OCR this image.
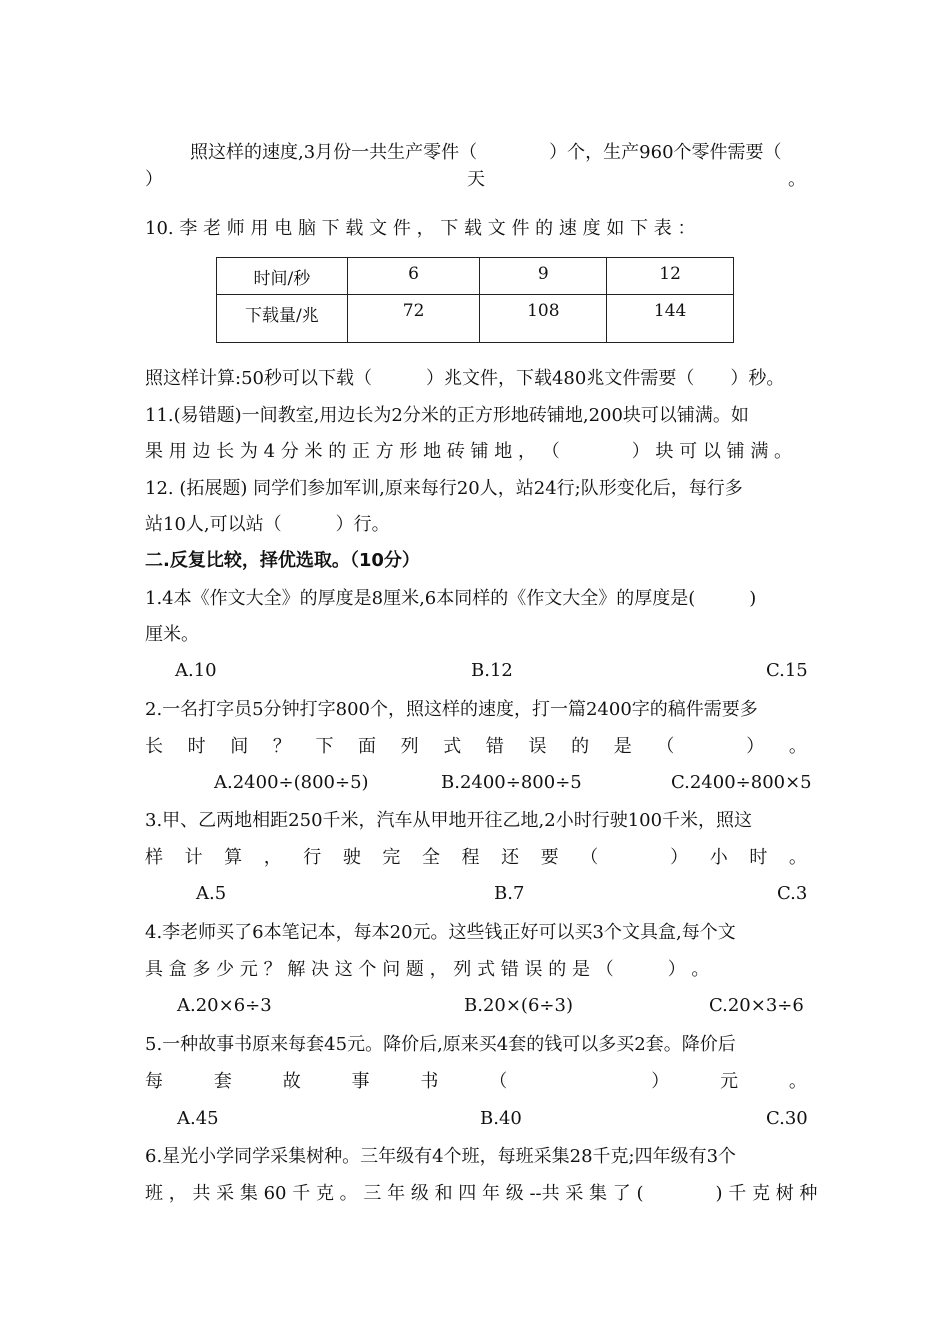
照这样的速度,3月份一共生产零件（　　　　）个，生产960个零件需要（
）	天	。
10. 李 老 师 用 电 脑 下 载 文 件 ， 下 载 文 件 的 速 度 如 下 表 ：
时间/秒	6	9	12
下载量/兆	72	108	144
照这样计算:50秒可以下载（　　　）兆文件，下载480兆文件需要（　　）秒。
11.(易错题)一间教室,用边长为2分米的正方形地砖铺地,200块可以铺满。如
果 用 边 长 为 4 分 米 的 正 方 形 地 砖 铺 地 ， （　　　　） 块 可 以 铺 满 。
12. (拓展题) 同学们参加军训,原来每行20人，站24行;队形变化后，每行多
站10人,可以站（　　　）行。
二.反复比较，择优选取。（10分）
1.4本《作文大全》的厚度是8厘米,6本同样的《作文大全》的厚度是(　　　)
厘米。
A.10	B.12	C.15
2.一名打字员5分钟打字800个，照这样的速度，打一篇2400字的稿件需要多
长 时 间 ？ 下 面 列 式 错 误 的 是 （　　　　） 。
A.2400÷(800÷5)	B.2400÷800÷5	C.2400÷800×5
3.甲、乙两地相距250千米，汽车从甲地开往乙地,2小时行驶100千米，照这
样 计 算 ， 行 驶 完 全 程 还 要 （　　　　） 小 时 。
A.5	B.7	C.3
4.李老师买了6本笔记本，每本20元。这些钱正好可以买3个文具盒,每个文
具 盒 多 少 元 ？ 解 决 这 个 问 题 ， 列 式 错 误 的 是 （　　　） 。
A.20×6÷3	B.20×(6÷3)	C.20×3÷6
5.一种故事书原来每套45元。降价后,原来买4套的钱可以多买2套。降价后
每	套	故	事	书	（　　　　　　　　）	元	。
A.45	B.40	C.30
6.星光小学同学采集树种。三年级有4个班，每班采集28千克;四年级有3个
班 ， 共 采 集 60 千 克 。 三 年 级 和 四 年 级 --共 采 集 了 (　　　　) 千 克 树 种
